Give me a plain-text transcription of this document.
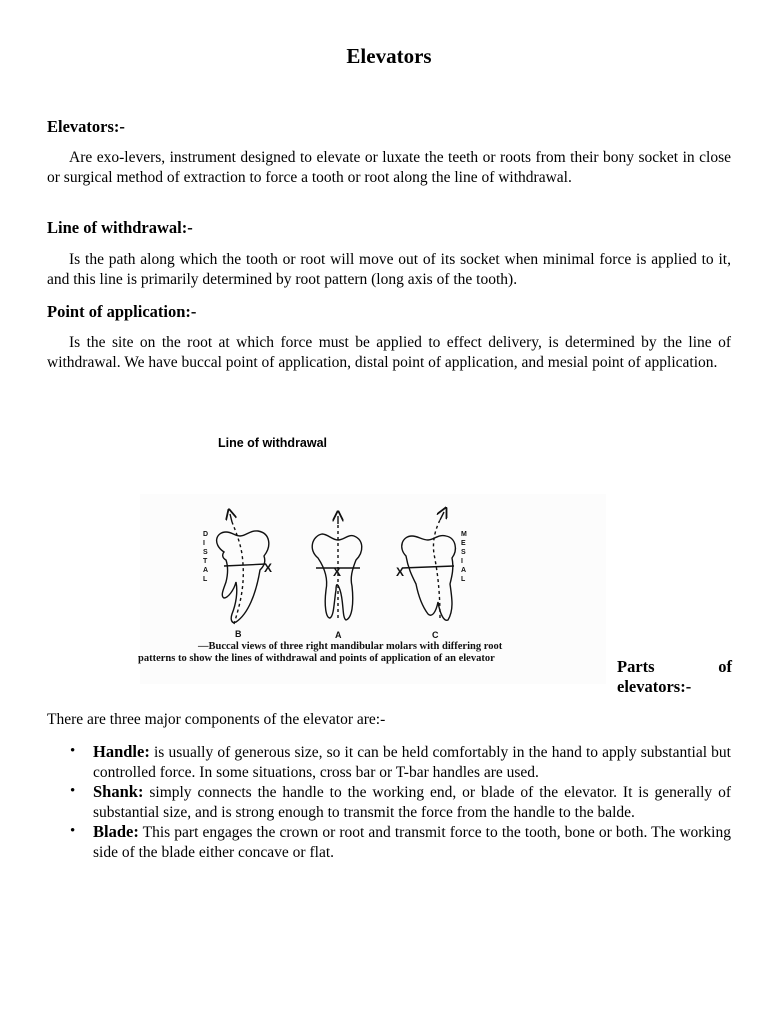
Elevators
Elevators:-
Are exo-levers, instrument designed to elevate or luxate the teeth or roots from their bony socket in close or surgical method of extraction to force a tooth or root along the line of withdrawal.
Line of withdrawal:-
Is the path along which the tooth or root will move out of its socket when minimal force is applied to it, and this line is primarily determined by root pattern (long axis of the tooth).
Point of application:-
Is the site on the root at which force must be applied to effect delivery, is determined by the line of withdrawal. We have buccal point of application, distal point of application, and mesial point of application.
Line of withdrawal
D
I
S
T
A
L
X	X	X
M
E
S
I
A
L
B	A	C
—Buccal views of three right mandibular molars with differing root
patterns to show the lines of withdrawal and points of application of an elevator	Parts	of
elevators:-
There are three major components of the elevator are:-
• Handle: is usually of generous size, so it can be held comfortably in the hand to apply substantial but controlled force. In some situations, cross bar or T-bar handles are used.
• Shank: simply connects the handle to the working end, or blade of the elevator. It is generally of substantial size, and is strong enough to transmit the force from the handle to the balde.
• Blade: This part engages the crown or root and transmit force to the tooth, bone or both. The working side of the blade either concave or flat.
